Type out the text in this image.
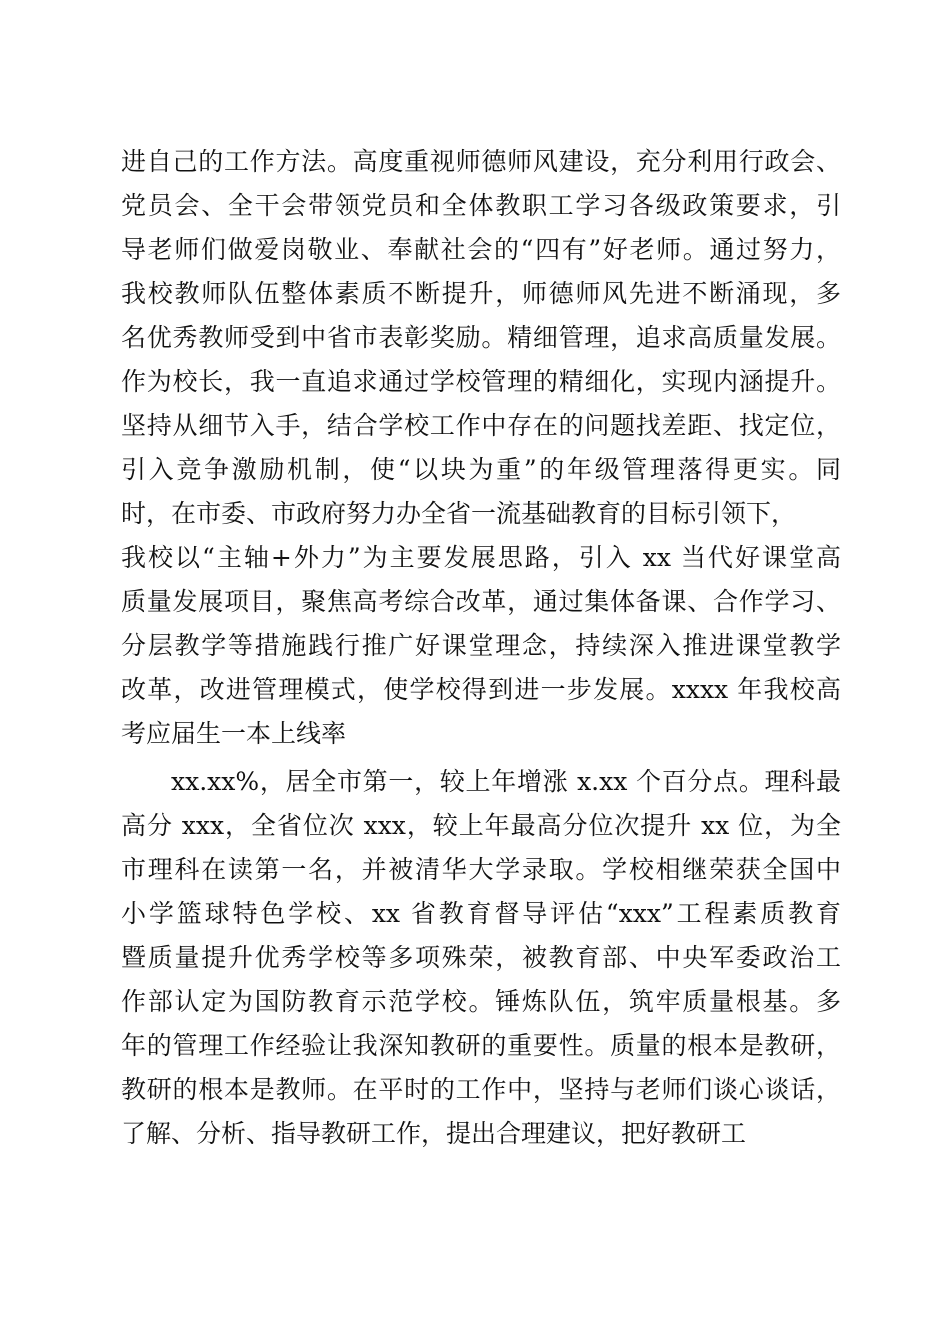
进自己的工作方法。高度重视师德师风建设，充分利用行政会、
党员会、全干会带领党员和全体教职工学习各级政策要求，引
导老师们做爱岗敬业、奉献社会的“四有”好老师。通过努力，
我校教师队伍整体素质不断提升，师德师风先进不断涌现，多
名优秀教师受到中省市表彰奖励。精细管理，追求高质量发展。
作为校长，我一直追求通过学校管理的精细化，实现内涵提升。
坚持从细节入手，结合学校工作中存在的问题找差距、找定位，
引入竞争激励机制，使“以块为重”的年级管理落得更实。同
时，在市委、市政府努力办全省一流基础教育的目标引领下，
我校以“主轴+外力”为主要发展思路，引入 xx 当代好课堂高
质量发展项目，聚焦高考综合改革，通过集体备课、合作学习、
分层教学等措施践行推广好课堂理念，持续深入推进课堂教学
改革，改进管理模式，使学校得到进一步发展。xxxx 年我校高
考应届生一本上线率
xx.xx%，居全市第一，较上年增涨 x.xx 个百分点。理科最
高分 xxx，全省位次 xxx，较上年最高分位次提升 xx 位，为全
市理科在读第一名，并被清华大学录取。学校相继荣获全国中
小学篮球特色学校、xx 省教育督导评估“xxx”工程素质教育
暨质量提升优秀学校等多项殊荣，被教育部、中央军委政治工
作部认定为国防教育示范学校。锤炼队伍，筑牢质量根基。多
年的管理工作经验让我深知教研的重要性。质量的根本是教研，
教研的根本是教师。在平时的工作中，坚持与老师们谈心谈话，
了解、分析、指导教研工作，提出合理建议，把好教研工
